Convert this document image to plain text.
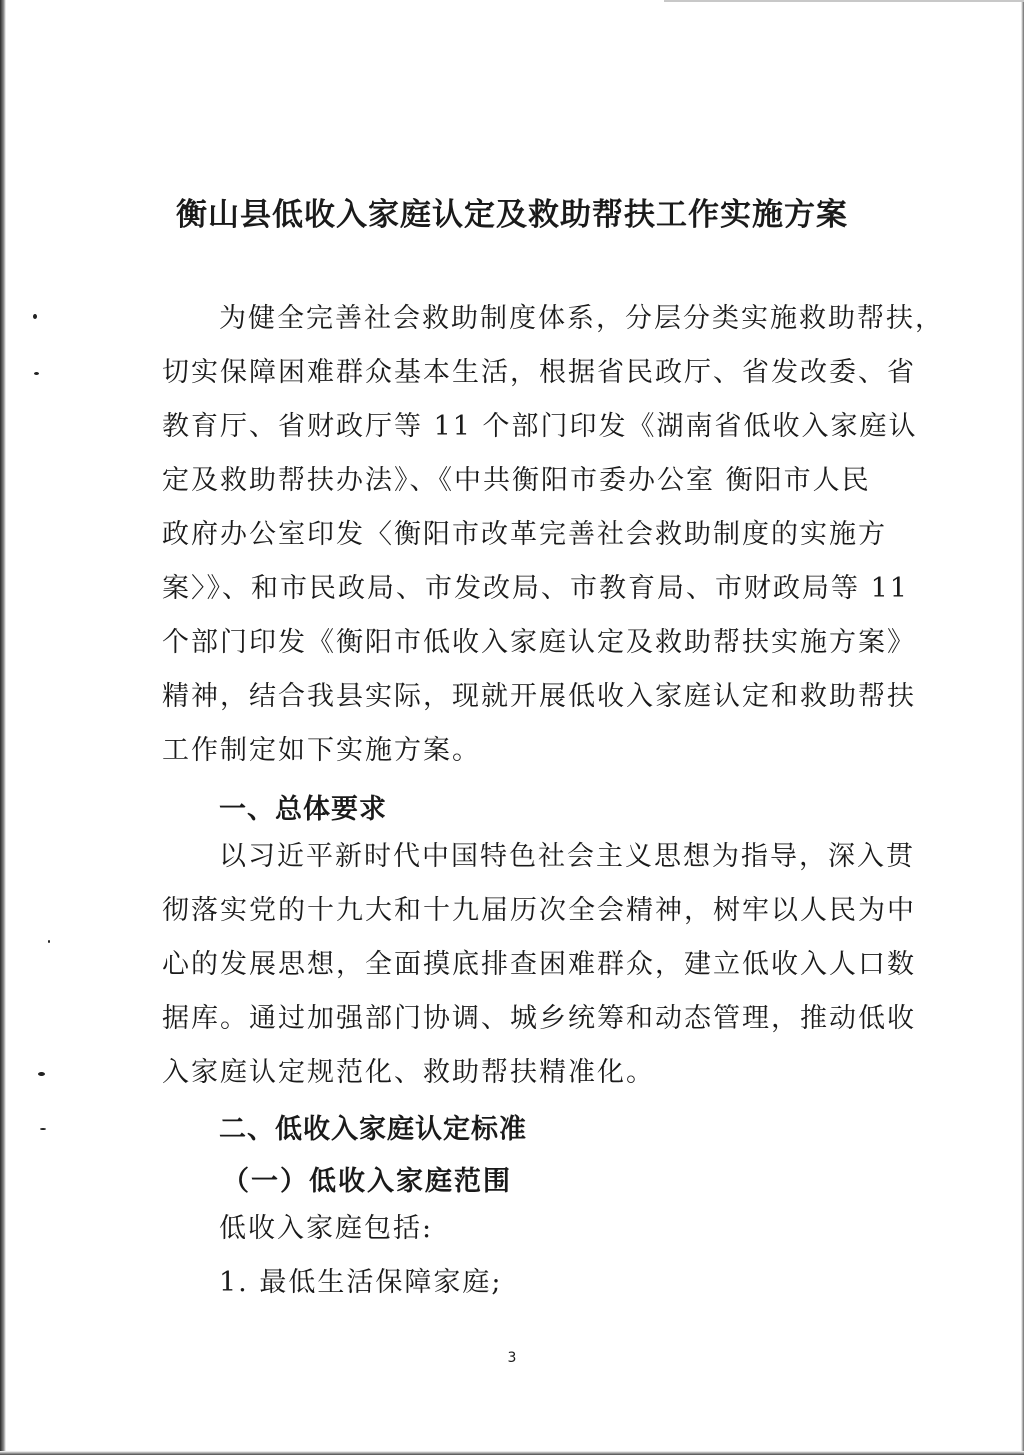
衡山县低收入家庭认定及救助帮扶工作实施方案
为健全完善社会救助制度体系，分层分类实施救助帮扶，
切实保障困难群众基本生活，根据省民政厅、省发改委、省
教育厅、省财政厅等 11 个部门印发《湖南省低收入家庭认
定及救助帮扶办法》、《中共衡阳市委办公室 衡阳市人民
政府办公室印发〈衡阳市改革完善社会救助制度的实施方
案〉》、和市民政局、市发改局、市教育局、市财政局等 11
个部门印发《衡阳市低收入家庭认定及救助帮扶实施方案》
精神，结合我县实际，现就开展低收入家庭认定和救助帮扶
工作制定如下实施方案。
一、总体要求
以习近平新时代中国特色社会主义思想为指导，深入贯
彻落实党的十九大和十九届历次全会精神，树牢以人民为中
心的发展思想，全面摸底排查困难群众，建立低收入人口数
据库。通过加强部门协调、城乡统筹和动态管理，推动低收
入家庭认定规范化、救助帮扶精准化。
二、低收入家庭认定标准
（一）低收入家庭范围
低收入家庭包括:
1. 最低生活保障家庭;
3
